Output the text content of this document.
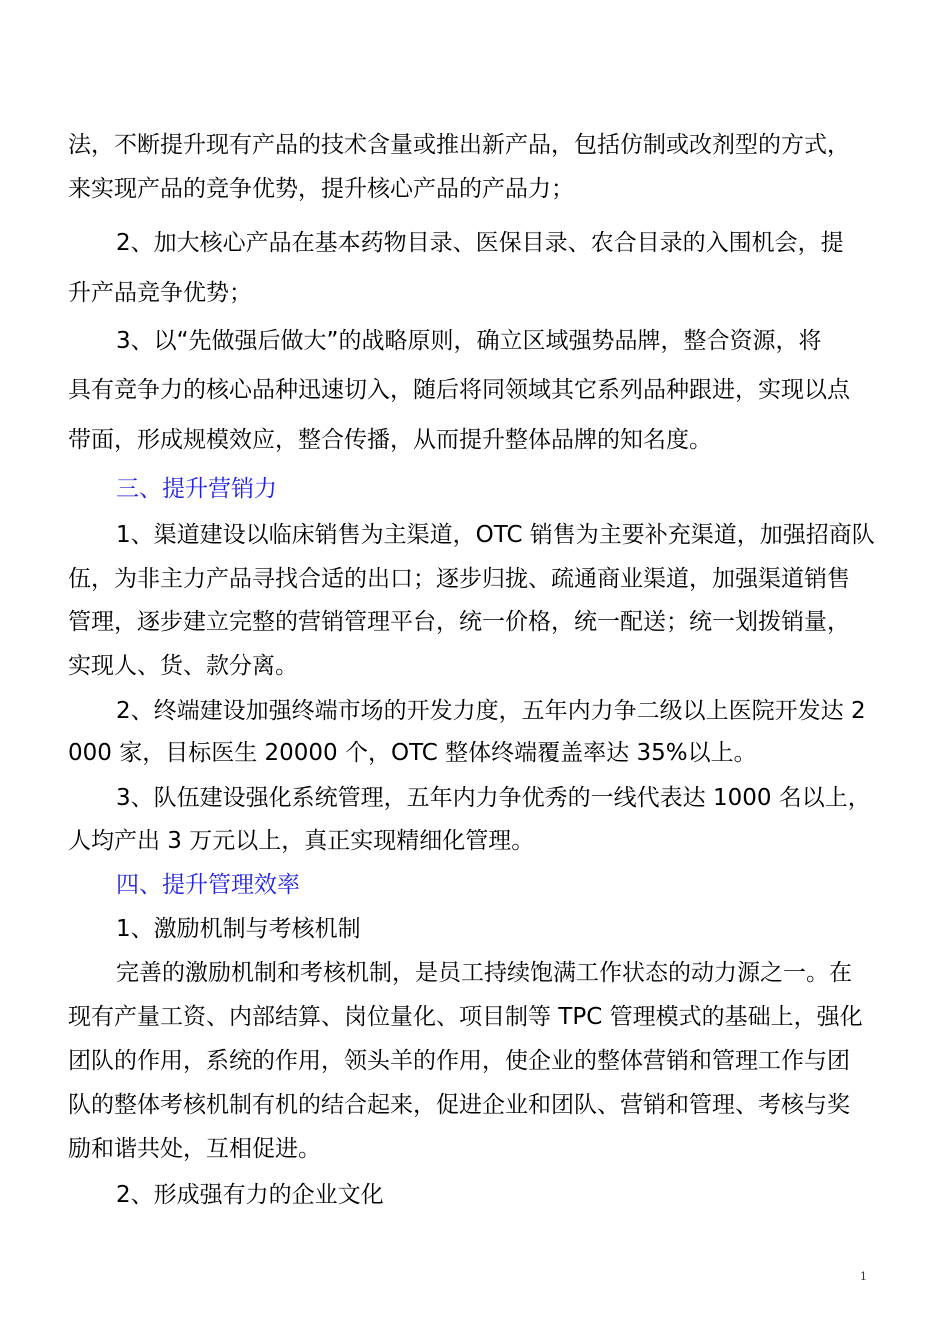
法，不断提升现有产品的技术含量或推出新产品，包括仿制或改剂型的方式，
来实现产品的竞争优势，提升核心产品的产品力；
2、加大核心产品在基本药物目录、医保目录、农合目录的入围机会，提
升产品竞争优势；
3、以“先做强后做大”的战略原则，确立区域强势品牌，整合资源，将
具有竞争力的核心品种迅速切入，随后将同领域其它系列品种跟进，实现以点
带面，形成规模效应，整合传播，从而提升整体品牌的知名度。
三、提升营销力
1、渠道建设以临床销售为主渠道，OTC 销售为主要补充渠道，加强招商队
伍，为非主力产品寻找合适的出口；逐步归拢、疏通商业渠道，加强渠道销售
管理，逐步建立完整的营销管理平台，统一价格，统一配送；统一划拨销量，
实现人、货、款分离。
2、终端建设加强终端市场的开发力度，五年内力争二级以上医院开发达 2
000 家，目标医生 20000 个，OTC 整体终端覆盖率达 35%以上。
3、队伍建设强化系统管理，五年内力争优秀的一线代表达 1000 名以上，
人均产出 3 万元以上，真正实现精细化管理。
四、提升管理效率
1、激励机制与考核机制
完善的激励机制和考核机制，是员工持续饱满工作状态的动力源之一。在
现有产量工资、内部结算、岗位量化、项目制等 TPC 管理模式的基础上，强化
团队的作用，系统的作用，领头羊的作用，使企业的整体营销和管理工作与团
队的整体考核机制有机的结合起来，促进企业和团队、营销和管理、考核与奖
励和谐共处，互相促进。
2、形成强有力的企业文化
1
